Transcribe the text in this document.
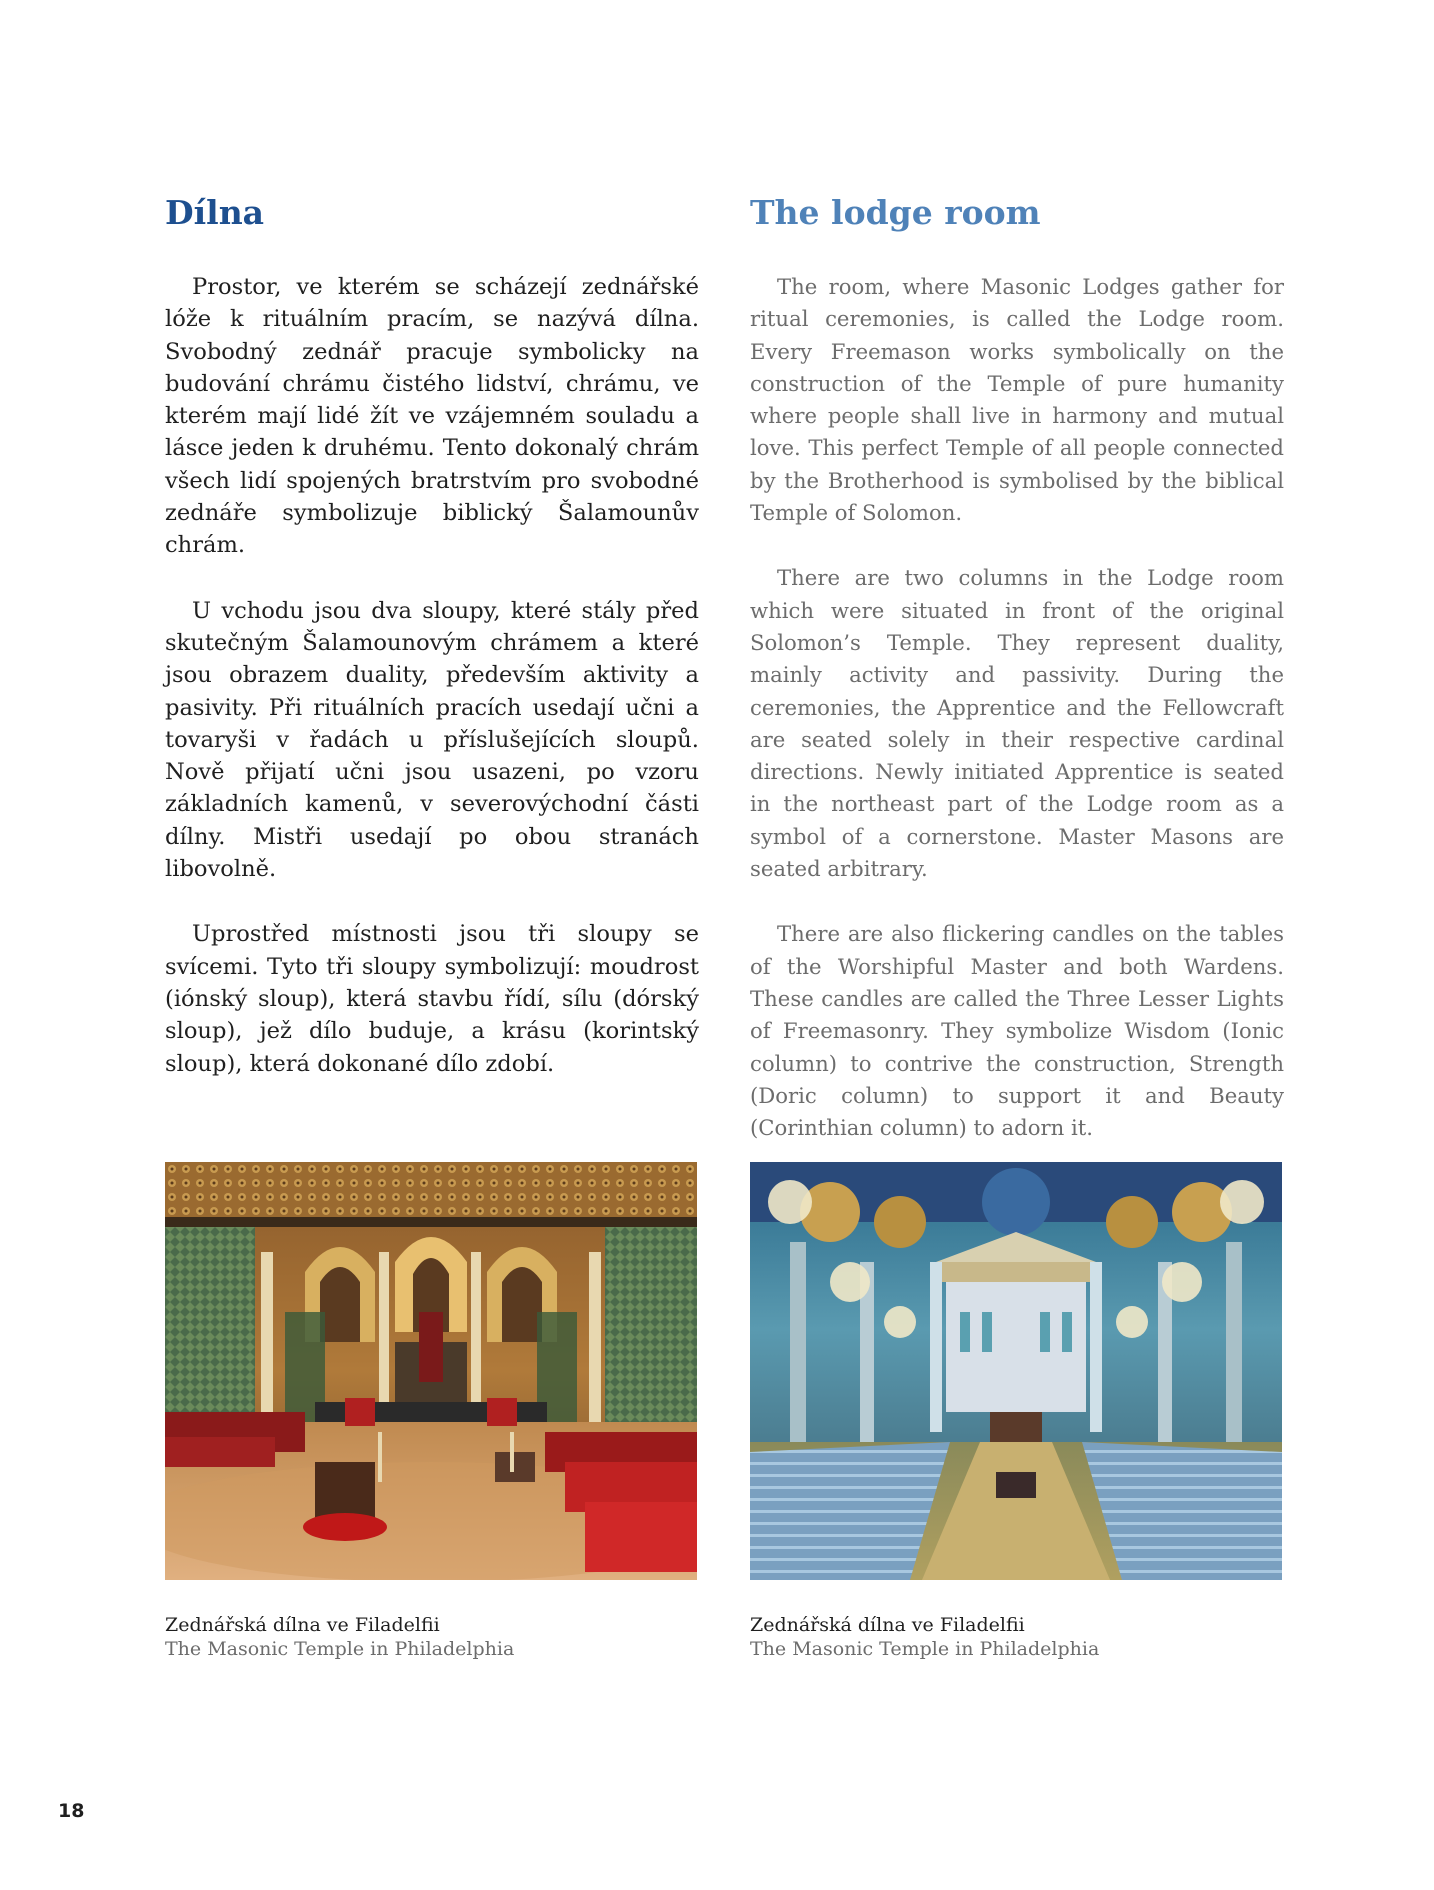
Dílna

Prostor, ve kterém se scházejí zednářské lóže k rituálním pracím, se nazývá dílna. Svobodný zednář pracuje symbolicky na budování chrámu čistého lidství, chrámu, ve kterém mají lidé žít ve vzájemném souladu a lásce jeden k druhému. Tento dokonalý chrám všech lidí spojených bratrstvím pro svobodné zednáře symbolizuje biblický Šalamounův chrám.

U vchodu jsou dva sloupy, které stály před skutečným Šalamounovým chrámem a které jsou obrazem duality, především aktivity a pasivity. Při rituálních pracích usedají učni a tovaryši v řadách u příslušejících sloupů. Nově přijatí učni jsou usazeni, po vzoru základních kamenů, v severovýchodní části dílny. Mistři usedají po obou stranách libovolně.

Uprostřed místnosti jsou tři sloupy se svícemi. Tyto tři sloupy symbolizují: moudrost (iónský sloup), která stavbu řídí, sílu (dórský sloup), jež dílo buduje, a krásu (korintský sloup), která dokonané dílo zdobí.

The lodge room

The room, where Masonic Lodges gather for ritual ceremonies, is called the Lodge room. Every Freemason works symbolically on the construction of the Temple of pure humanity where people shall live in harmony and mutual love. This perfect Temple of all people connected by the Brotherhood is symbolised by the biblical Temple of Solomon.

There are two columns in the Lodge room which were situated in front of the original Solomon’s Temple. They represent duality, mainly activity and passivity. During the ceremonies, the Apprentice and the Fellowcraft are seated solely in their respective cardinal directions. Newly initiated Apprentice is seated in the northeast part of the Lodge room as a symbol of a cornerstone. Master Masons are seated arbitrary.

There are also flickering candles on the tables of the Worshipful Master and both Wardens. These candles are called the Three Lesser Lights of Freemasonry. They symbolize Wisdom (Ionic column) to contrive the construction, Strength (Doric column) to support it and Beauty (Corinthian column) to adorn it.

Zednářská dílna ve Filadelfii
The Masonic Temple in Philadelphia
Zednářská dílna ve Filadelfii
The Masonic Temple in Philadelphia
18
